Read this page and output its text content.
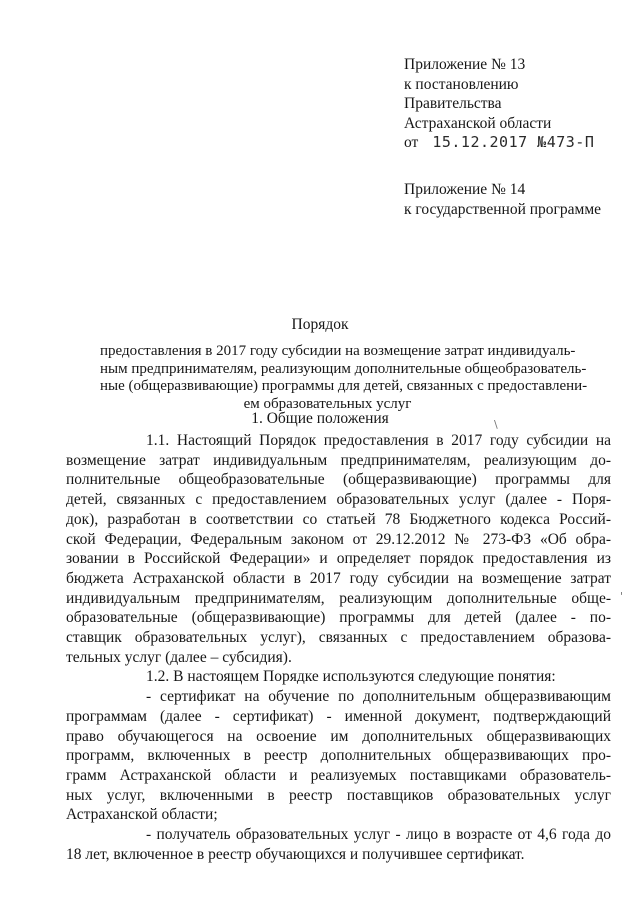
Приложение № 13
к постановлению
Правительства
Астраханской области
от 15.12.2017 №473-П
Приложение № 14
к государственной программе
Порядок
предоставления в 2017 году субсидии на возмещение затрат индивидуаль-
ным предпринимателям, реализующим дополнительные общеобразователь-
ные (общеразвивающие) программы для детей, связанных с предоставлени-
ем образовательных услуг
1. Общие положения
1.1. Настоящий Порядок предоставления в 2017 году субсидии на
возмещение затрат индивидуальным предпринимателям, реализующим до-
полнительные общеобразовательные (общеразвивающие) программы для
детей, связанных с предоставлением образовательных услуг (далее - Поря-
док), разработан в соответствии со статьей 78 Бюджетного кодекса Россий-
ской Федерации, Федеральным законом от 29.12.2012 № 273-ФЗ «Об обра-
зовании в Российской Федерации» и определяет порядок предоставления из
бюджета Астраханской области в 2017 году субсидии на возмещение затрат
индивидуальным предпринимателям, реализующим дополнительные обще-
образовательные (общеразвивающие) программы для детей (далее - по-
ставщик образовательных услуг), связанных с предоставлением образова-
тельных услуг (далее – субсидия).
1.2. В настоящем Порядке используются следующие понятия:
- сертификат на обучение по дополнительным общеразвивающим
программам (далее - сертификат) - именной документ, подтверждающий
право обучающегося на освоение им дополнительных общеразвивающих
программ, включенных в реестр дополнительных общеразвивающих про-
грамм Астраханской области и реализуемых поставщиками образователь-
ных услуг, включенными в реестр поставщиков образовательных услуг
Астраханской области;
- получатель образовательных услуг - лицо в возрасте от 4,6 года до
18 лет, включенное в реестр обучающихся и получившее сертификат.
\
'
